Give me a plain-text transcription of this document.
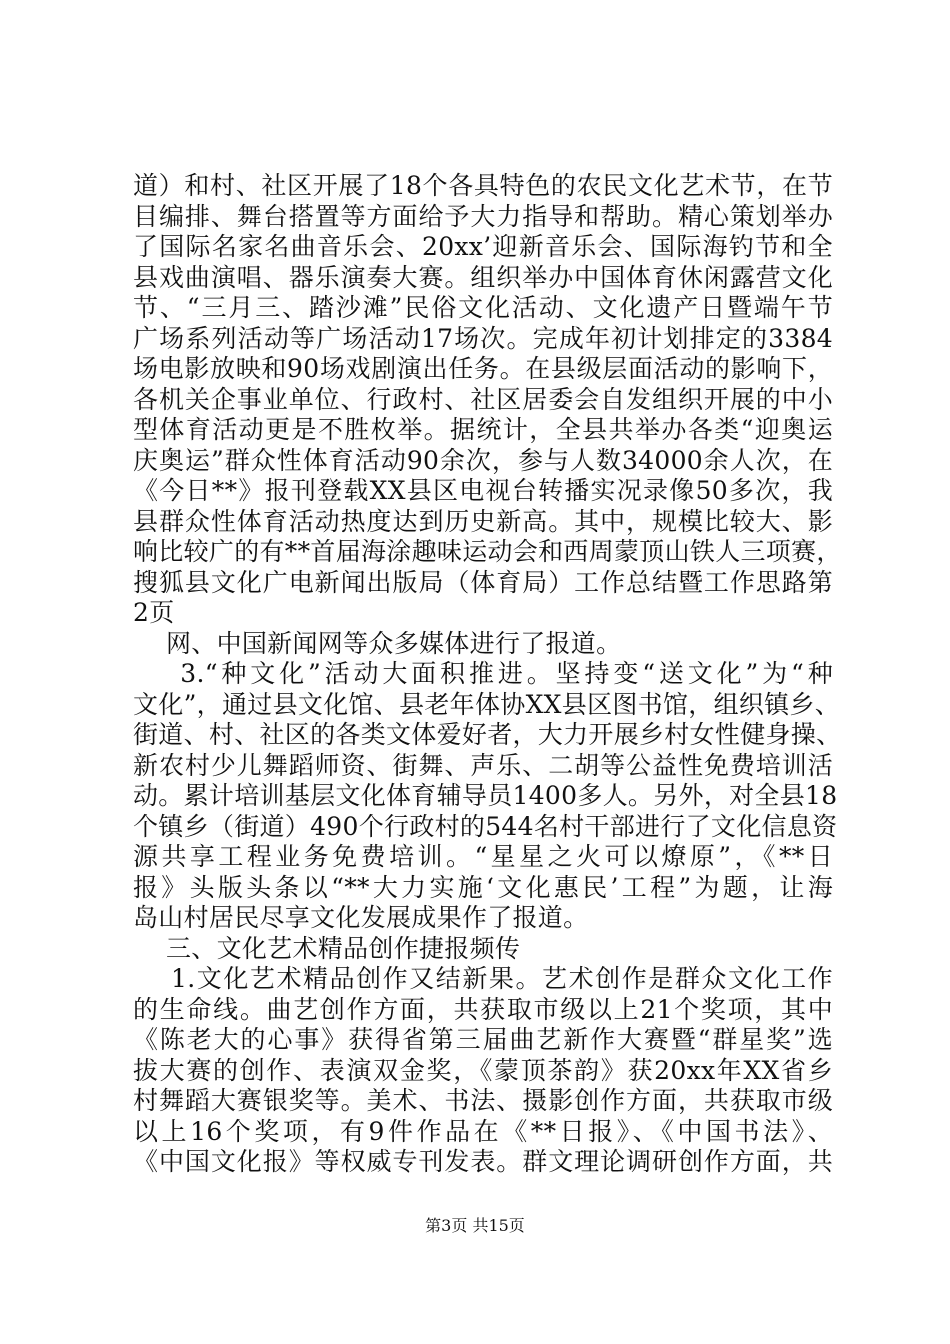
道）和村、社区开展了18个各具特色的农民文化艺术节，在节
目编排、舞台搭置等方面给予大力指导和帮助。精心策划举办
了国际名家名曲音乐会、20xx’迎新音乐会、国际海钓节和全
县戏曲演唱、器乐演奏大赛。组织举办中国体育休闲露营文化
节、“三月三、踏沙滩”民俗文化活动、文化遗产日暨端午节
广场系列活动等广场活动17场次。完成年初计划排定的3384
场电影放映和90场戏剧演出任务。在县级层面活动的影响下，
各机关企事业单位、行政村、社区居委会自发组织开展的中小
型体育活动更是不胜枚举。据统计，全县共举办各类“迎奥运
庆奥运”群众性体育活动90余次，参与人数34000余人次，在
《今日**》报刊登载XX县区电视台转播实况录像50多次，我
县群众性体育活动热度达到历史新高。其中，规模比较大、影
响比较广的有**首届海涂趣味运动会和西周蒙顶山铁人三项赛，
搜狐县文化广电新闻出版局（体育局）工作总结暨工作思路第
2页
网、中国新闻网等众多媒体进行了报道。
3.“种文化”活动大面积推进。坚持变“送文化”为“种
文化”，通过县文化馆、县老年体协XX县区图书馆，组织镇乡、
街道、村、社区的各类文体爱好者，大力开展乡村女性健身操、
新农村少儿舞蹈师资、街舞、声乐、二胡等公益性免费培训活
动。累计培训基层文化体育辅导员1400多人。另外，对全县18
个镇乡（街道）490个行政村的544名村干部进行了文化信息资
源共享工程业务免费培训。“星星之火可以燎原”，《**日
报》头版头条以“**大力实施‘文化惠民’工程”为题，让海
岛山村居民尽享文化发展成果作了报道。
三、文化艺术精品创作捷报频传
1.文化艺术精品创作又结新果。艺术创作是群众文化工作
的生命线。曲艺创作方面，共获取市级以上21个奖项，其中
《陈老大的心事》获得省第三届曲艺新作大赛暨“群星奖”选
拔大赛的创作、表演双金奖，《蒙顶茶韵》获20xx年XX省乡
村舞蹈大赛银奖等。美术、书法、摄影创作方面，共获取市级
以上16个奖项，有9件作品在《**日报》、《中国书法》、
《中国文化报》等权威专刊发表。群文理论调研创作方面，共
第3页 共15页
